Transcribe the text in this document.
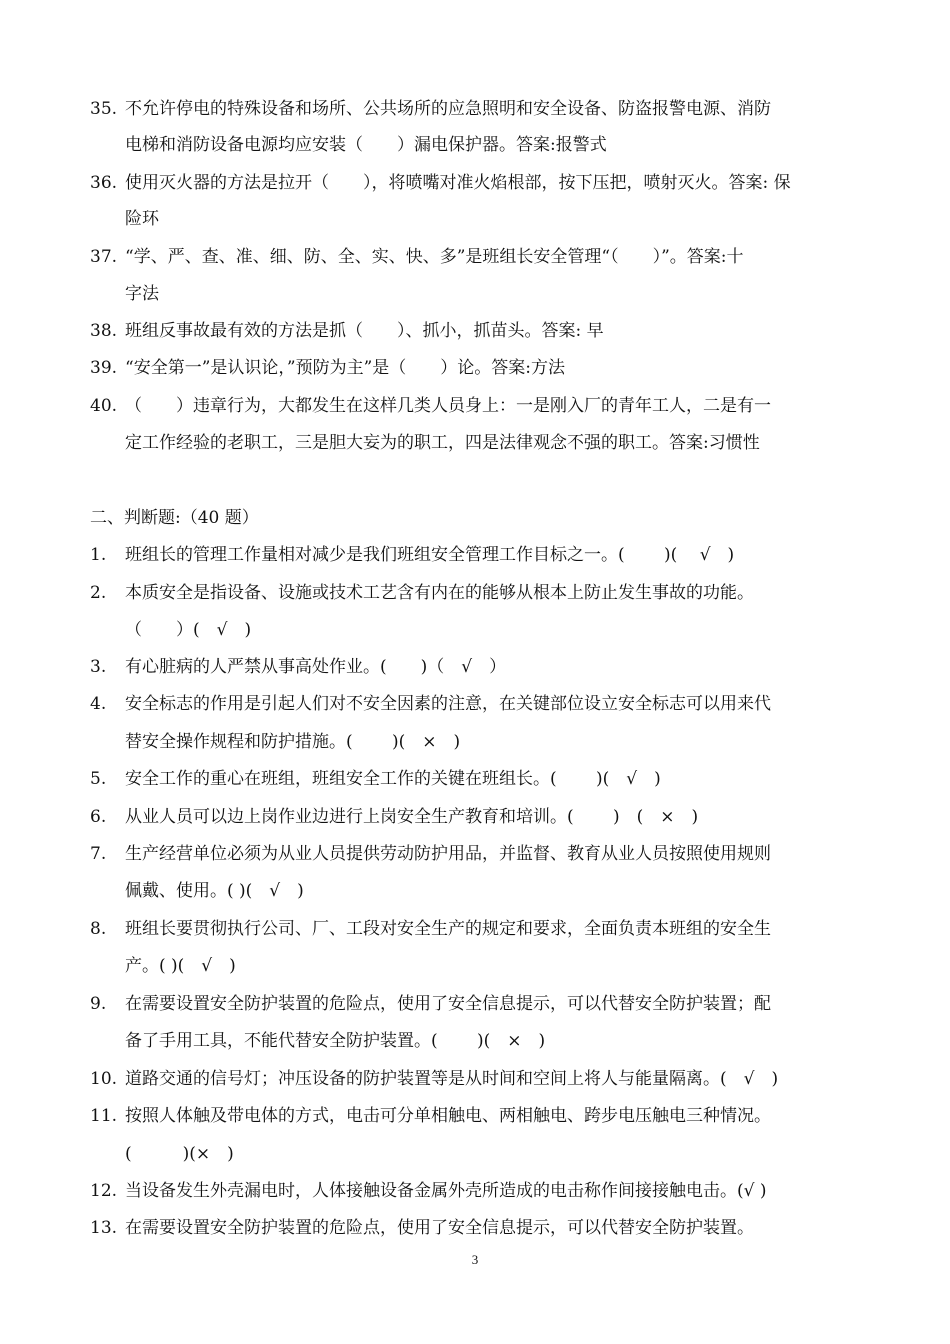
35. 不允许停电的特殊设备和场所、公共场所的应急照明和安全设备、防盗报警电源、消防
电梯和消防设备电源均应安装（　　）漏电保护器。答案:报警式
36. 使用灭火器的方法是拉开（　　），将喷嘴对准火焰根部，按下压把，喷射灭火。答案: 保
险环
37. “学、严、查、准、细、防、全、实、快、多”是班组长安全管理“（　　）”。答案:十
字法
38. 班组反事故最有效的方法是抓（　　）、抓小，抓苗头。答案: 早
39. “安全第一”是认识论，”预防为主”是（　　）论。答案:方法
40. （　　）违章行为，大都发生在这样几类人员身上：一是刚入厂的青年工人，二是有一
定工作经验的老职工，三是胆大妄为的职工，四是法律观念不强的职工。答案:习惯性
二、判断题:（40 题）
1. 班组长的管理工作量相对减少是我们班组安全管理工作目标之一。(　　 )( 　√　)
2. 本质安全是指设备、设施或技术工艺含有内在的能够从根本上防止发生事故的功能。
（　　）(　√　)
3. 有心脏病的人严禁从事高处作业。(　　)（　√　）
4. 安全标志的作用是引起人们对不安全因素的注意，在关键部位设立安全标志可以用来代
替安全操作规程和防护措施。(　　 )(　×　)
5. 安全工作的重心在班组，班组安全工作的关键在班组长。(　　 )(　√　)
6. 从业人员可以边上岗作业边进行上岗安全生产教育和培训。(　　 )　(　×　)
7. 生产经营单位必须为从业人员提供劳动防护用品，并监督、教育从业人员按照使用规则
佩戴、使用。( )(　√　)
8. 班组长要贯彻执行公司、厂、工段对安全生产的规定和要求，全面负责本班组的安全生
产。( )(　√　)
9. 在需要设置安全防护装置的危险点，使用了安全信息提示，可以代替安全防护装置；配
备了手用工具，不能代替安全防护装置。(　　 )(　×　)
10. 道路交通的信号灯；冲压设备的防护装置等是从时间和空间上将人与能量隔离。(　√　)
11. 按照人体触及带电体的方式，电击可分单相触电、两相触电、跨步电压触电三种情况。
(　　　)(×　)
12. 当设备发生外壳漏电时，人体接触设备金属外壳所造成的电击称作间接接触电击。(√ )
13. 在需要设置安全防护装置的危险点，使用了安全信息提示，可以代替安全防护装置。
3
